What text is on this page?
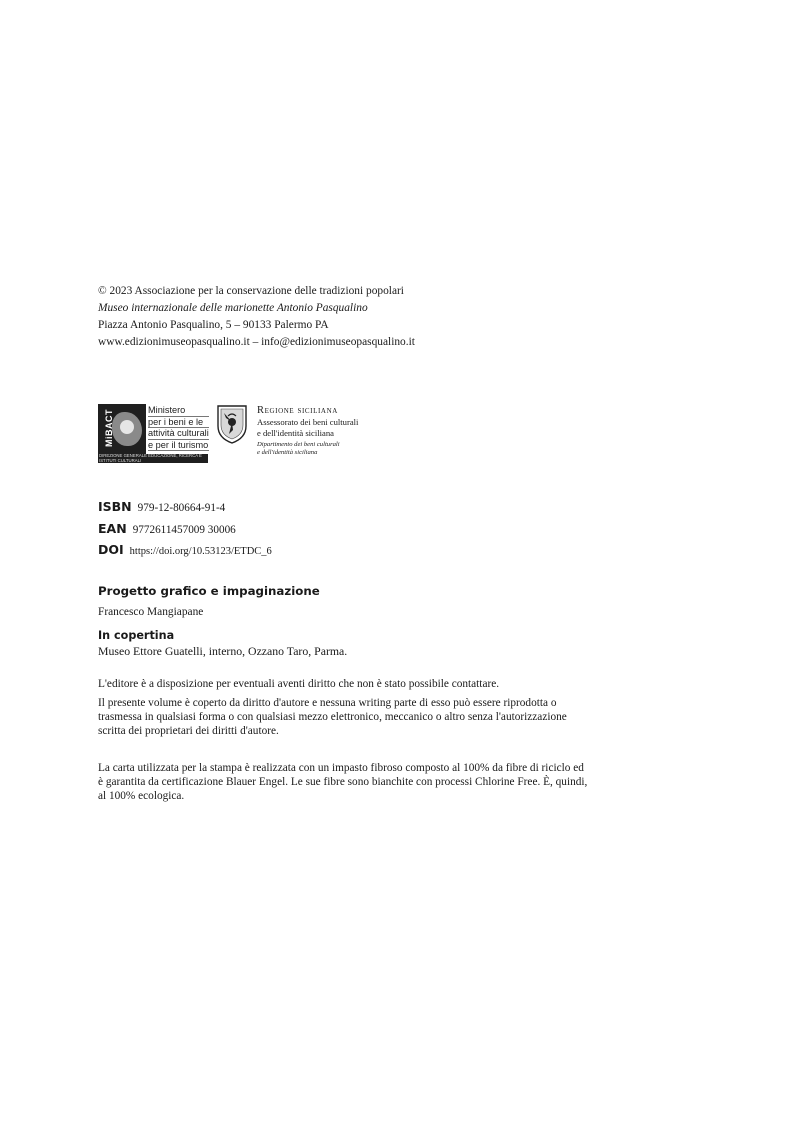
© 2023 Associazione per la conservazione delle tradizioni popolari
Museo internazionale delle marionette Antonio Pasqualino
Piazza Antonio Pasqualino, 5 – 90133 Palermo PA
www.edizionimuseopasqualino.it – info@edizionimuseopasqualino.it
MiBACT	Ministero
per i beni e le
attività culturali
e per il turismo
DIREZIONE GENERALE EDUCAZIONE, RICERCA E ISTITUTI CULTURALI
Regione siciliana
Assessorato dei beni culturali
e dell'identità siciliana
Dipartimento dei beni culturali
e dell'identità siciliana
ISBN 979-12-80664-91-4
EAN 9772611457009 30006
DOI https://doi.org/10.53123/ETDC_6
Progetto grafico e impaginazione
Francesco Mangiapane
In copertina
Museo Ettore Guatelli, interno, Ozzano Taro, Parma.
L'editore è a disposizione per eventuali aventi diritto che non è stato possibile contattare.
Il presente volume è coperto da diritto d'autore e nessuna writing parte di esso può essere riprodotta o
trasmessa in qualsiasi forma o con qualsiasi mezzo elettronico, meccanico o altro senza l'autorizzazione
scritta dei proprietari dei diritti d'autore.
La carta utilizzata per la stampa è realizzata con un impasto fibroso composto al 100% da fibre di riciclo ed
è garantita da certificazione Blauer Engel. Le sue fibre sono bianchite con processi Chlorine Free. È, quindi,
al 100% ecologica.
